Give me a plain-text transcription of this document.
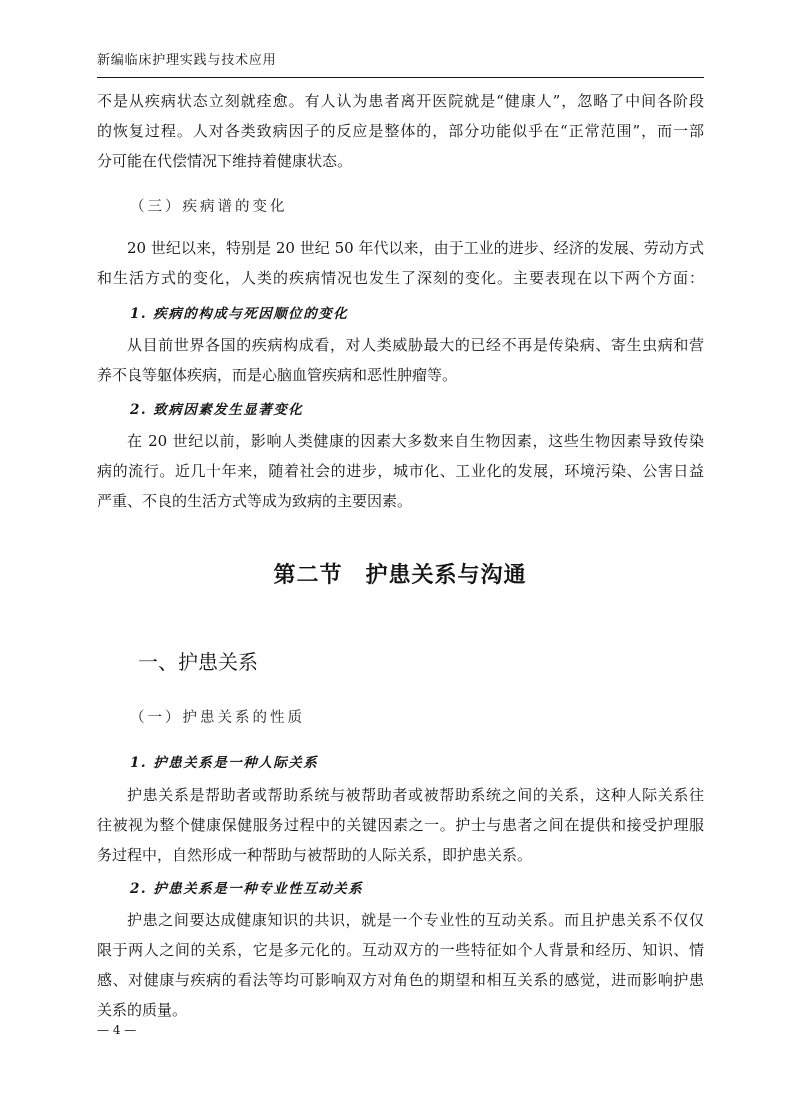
新编临床护理实践与技术应用
不是从疾病状态立刻就痊愈。有人认为患者离开医院就是“健康人”，忽略了中间各阶段
的恢复过程。人对各类致病因子的反应是整体的，部分功能似乎在“正常范围”，而一部
分可能在代偿情况下维持着健康状态。
（三）疾病谱的变化
20 世纪以来，特别是 20 世纪 50 年代以来，由于工业的进步、经济的发展、劳动方式
和生活方式的变化，人类的疾病情况也发生了深刻的变化。主要表现在以下两个方面：
1. 疾病的构成与死因顺位的变化
从目前世界各国的疾病构成看，对人类威胁最大的已经不再是传染病、寄生虫病和营
养不良等躯体疾病，而是心脑血管疾病和恶性肿瘤等。
2. 致病因素发生显著变化
在 20 世纪以前，影响人类健康的因素大多数来自生物因素，这些生物因素导致传染
病的流行。近几十年来，随着社会的进步，城市化、工业化的发展，环境污染、公害日益
严重、不良的生活方式等成为致病的主要因素。
第二节　护患关系与沟通
一、护患关系
（一）护患关系的性质
1. 护患关系是一种人际关系
护患关系是帮助者或帮助系统与被帮助者或被帮助系统之间的关系，这种人际关系往
往被视为整个健康保健服务过程中的关键因素之一。护士与患者之间在提供和接受护理服
务过程中，自然形成一种帮助与被帮助的人际关系，即护患关系。
2. 护患关系是一种专业性互动关系
护患之间要达成健康知识的共识，就是一个专业性的互动关系。而且护患关系不仅仅
限于两人之间的关系，它是多元化的。互动双方的一些特征如个人背景和经历、知识、情
感、对健康与疾病的看法等均可影响双方对角色的期望和相互关系的感觉，进而影响护患
关系的质量。
— 4 —
